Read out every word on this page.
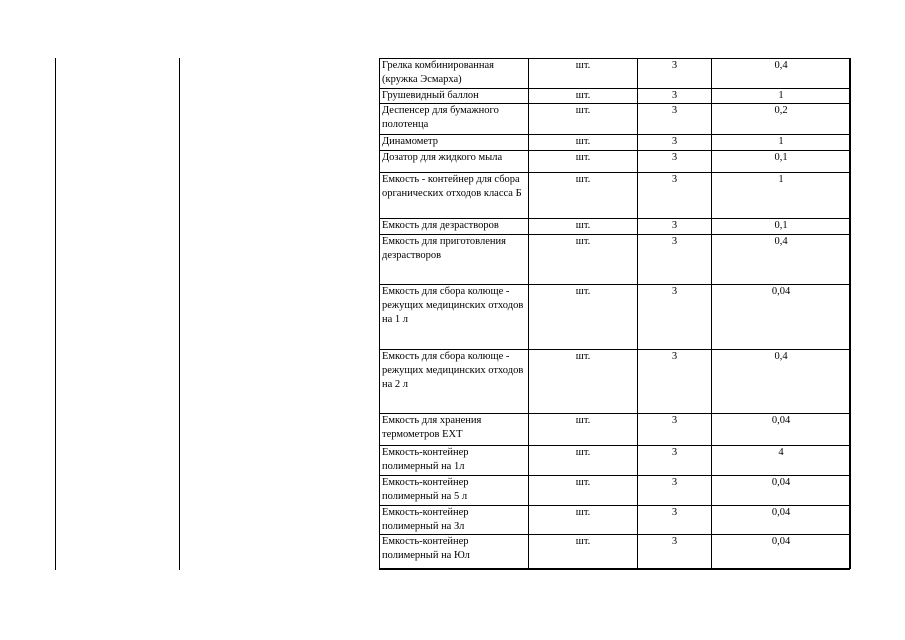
Грелка комбинированная (кружка Эсмарха)	шт.	3	0,4
Грушевидный баллон	шт.	3	1
Деспенсер для бумажного полотенца	шт.	3	0,2
Динамометр	шт.	3	1
Дозатор для жидкого мыла	шт.	3	0,1
Емкость - контейнер для сбора органических отходов класса Б	шт.	3	1
Емкость для дезрастворов	шт.	3	0,1
Емкость для приготовления дезрастворов	шт.	3	0,4
Емкость для сбора колюще - режущих медицинских отходов на 1 л	шт.	3	0,04
Емкость для сбора колюще - режущих медицинских отходов на 2 л	шт.	3	0,4
Емкость для хранения термометров ЕХТ	шт.	3	0,04
Емкость-контейнер полимерный на 1л	шт.	3	4
Емкость-контейнер полимерный на 5 л	шт.	3	0,04
Емкость-контейнер полимерный на Зл	шт.	3	0,04
Емкость-контейнер полимерный на Юл	шт.	3	0,04
